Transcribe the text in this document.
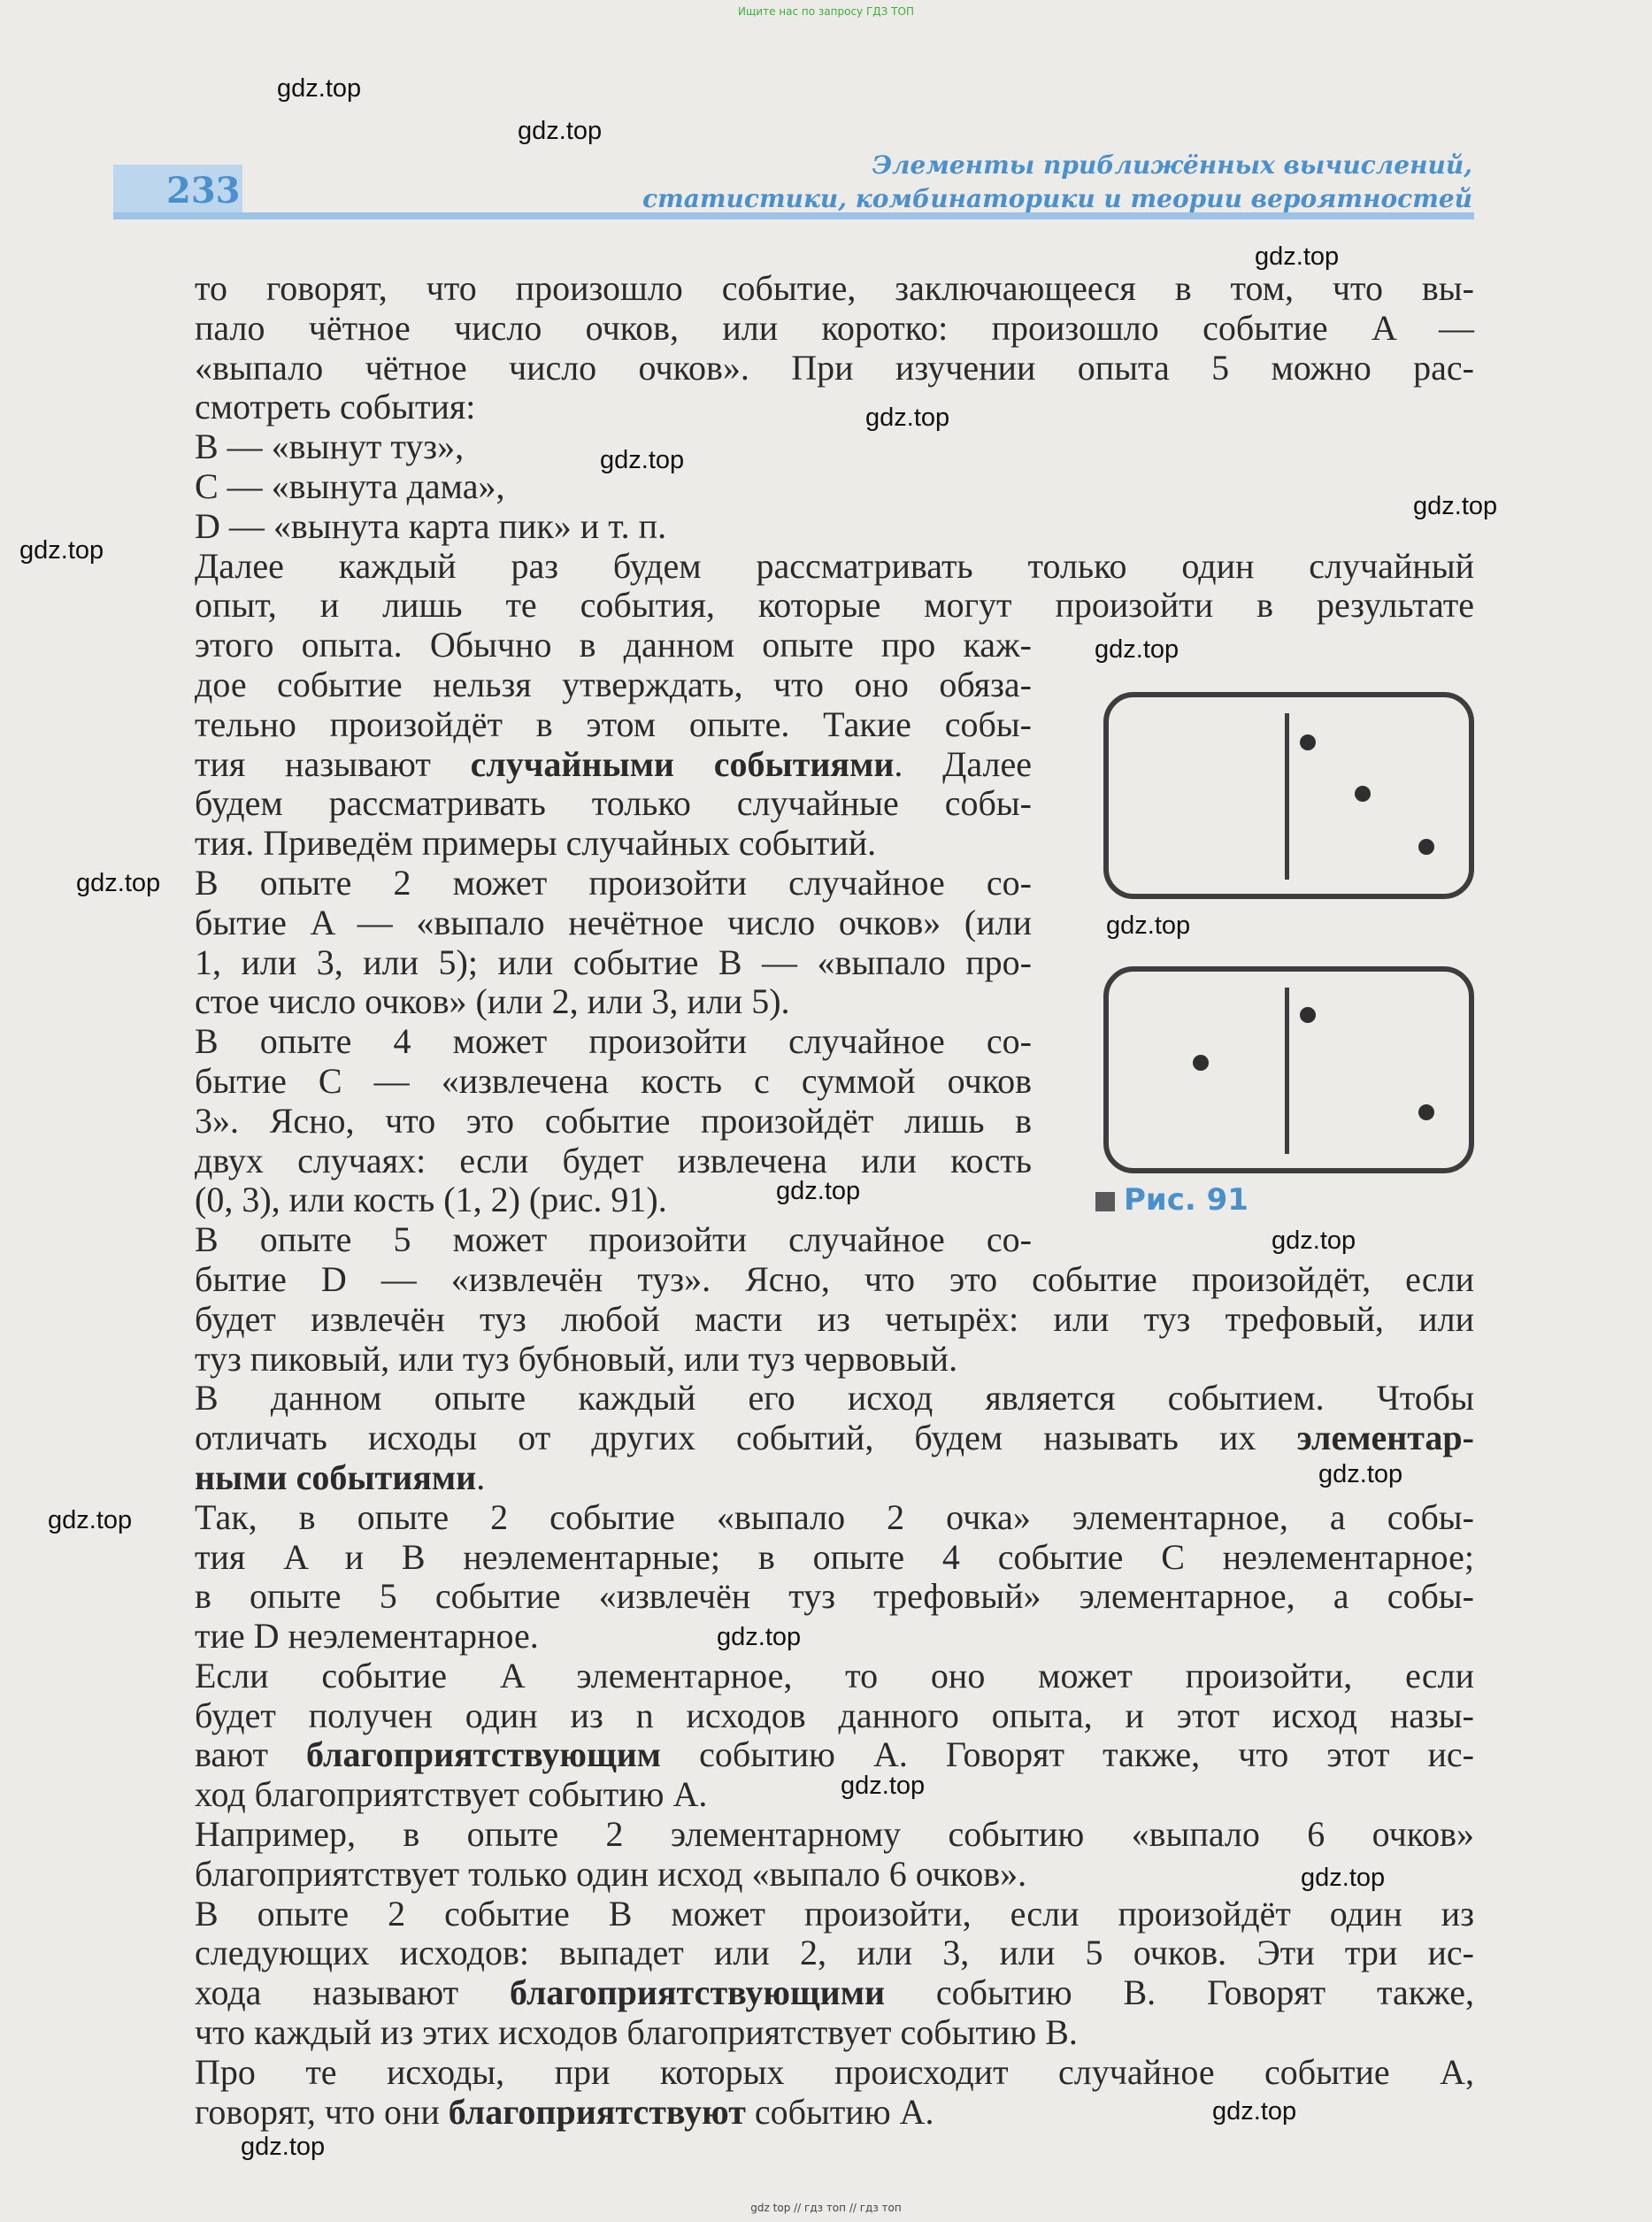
Ищите нас по запросу ГДЗ ТОП
233
Элементы приближённых вычислений,
статистики, комбинаторики и теории вероятностей
то говорят, что произошло событие, заключающееся в том, что вы-
пало чётное число очков, или коротко: произошло событие A —
«выпало чётное число очков». При изучении опыта 5 можно рас-
смотреть события:
B — «вынут туз»,
C — «вынута дама»,
D — «вынута карта пик» и т. п.
Далее каждый раз будем рассматривать только один случайный
опыт, и лишь те события, которые могут произойти в результате
этого опыта. Обычно в данном опыте про каж-
дое событие нельзя утверждать, что оно обяза-
тельно произойдёт в этом опыте. Такие собы-
тия называют случайными событиями. Далее
будем рассматривать только случайные собы-
тия. Приведём примеры случайных событий.
В опыте 2 может произойти случайное со-
бытие A — «выпало нечётное число очков» (или
1, или 3, или 5); или событие B — «выпало про-
стое число очков» (или 2, или 3, или 5).
В опыте 4 может произойти случайное со-
бытие C — «извлечена кость с суммой очков
3». Ясно, что это событие произойдёт лишь в
двух случаях: если будет извлечена или кость
(0, 3), или кость (1, 2) (рис. 91).
В опыте 5 может произойти случайное со-
бытие D — «извлечён туз». Ясно, что это событие произойдёт, если
будет извлечён туз любой масти из четырёх: или туз трефовый, или
туз пиковый, или туз бубновый, или туз червовый.
В данном опыте каждый его исход является событием. Чтобы
отличать исходы от других событий, будем называть их элементар-
ными событиями.
Так, в опыте 2 событие «выпало 2 очка» элементарное, а собы-
тия A и B неэлементарные; в опыте 4 событие C неэлементарное;
в опыте 5 событие «извлечён туз трефовый» элементарное, а собы-
тие D неэлементарное.
Если событие A элементарное, то оно может произойти, если
будет получен один из n исходов данного опыта, и этот исход назы-
вают благоприятствующим событию A. Говорят также, что этот ис-
ход благоприятствует событию A.
Например, в опыте 2 элементарному событию «выпало 6 очков»
благоприятствует только один исход «выпало 6 очков».
В опыте 2 событие B может произойти, если произойдёт один из
следующих исходов: выпадет или 2, или 3, или 5 очков. Эти три ис-
хода называют благоприятствующими событию B. Говорят также,
что каждый из этих исходов благоприятствует событию B.
Про те исходы, при которых происходит случайное событие A,
говорят, что они благоприятствуют событию A.
Рис. 91
gdz.top
gdz.top
gdz.top
gdz.top
gdz.top
gdz.top
gdz.top
gdz.top
gdz.top
gdz.top
gdz.top
gdz.top
gdz.top
gdz.top
gdz.top
gdz.top
gdz.top
gdz.top
gdz.top
gdz top // гдз топ // гдз топ
